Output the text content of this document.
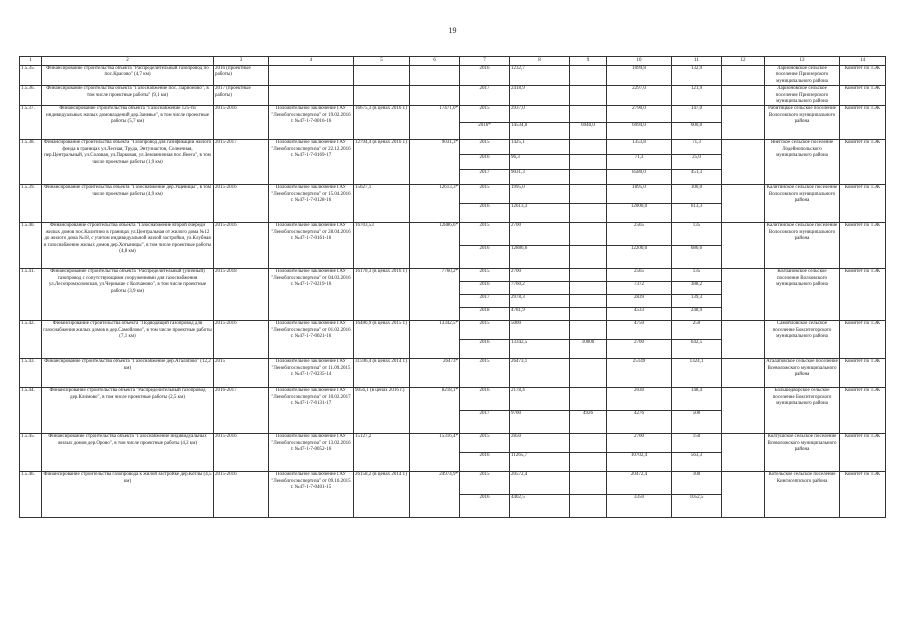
19
1	2	3	4	5	6	7	8	9	10	11	12	13	14
1.5.35.	Финансирование строительства объекта "Распределительный газопровод по пос.Красово" (4,7 км)	2016 (проектные работы)				2016	1232,7		1099,8	132,9		Ларионовское сельское поселение Приозерского муниципального района	Комитет по ТЭК
1.5.36.	Финансирование строительства объекта "Газоснабжение пос. Ларионово", в том числе проектные работы" (9,1 км)	2017 (проектные работы)				2017	2418,9		2297,0	121,9		Ларионовское сельское поселение Приозерского муниципального района	Комитет по ТЭК
1.5.37.	Финансирование строительства объекта "Газоснабжение 125-ти индивидуальных жилых домовладений дер.Заневье", в том числе проектные работы (5,7 км)	2015-2016	Положительное заключение ГАУ "Леноблгосэкспертиза" от 19.02.2016 г. №47-1-7-0016-16	16675,3 (в ценах 2016 г.)	17471,0*	2015	2937,0		2790,0	147,0		Рабитицкое сельское поселение Волосовского муниципального района	Комитет по ТЭК
						2016*	14534,0	6940,0	6994,0	600,0			
1.5.38.	Финансирование строительства объекта "Газопровод для газификации жилого фонда в границах ул.Лесная, Труда, Энтузиастов, Солнечная, пер.Центральный, ул.Соловая, ул.Парковая, ул.Земляничная пос.Янега", в том числе проектные работы (1,9 км)	2015-2017	Положительное заключение ГАУ "Леноблгосэкспертиза" от 22.12.2016 г. №47-1-7-0169-17	12794,4 (в ценах 2016 г.)	9031,3*	2015	1425,1		1353,8	71,3		Янегское сельское поселение Лодейнопольского муниципального района	Комитет по ТЭК
						2016	96,3		71,3	25,0			
						2017	9031,3		8580,0	451,3			
1.5.39.	Финансирование строительства объекта "Газоснабжение дер.Ущевицы", в том числе проектные работы (4,9 км)	2015-2016	Положительное заключение ГАУ "Леноблгосэкспертиза" от 15.04.2016 г. №47-1-7-0128-16	15627,1	12613,3*	2015	1995,0		1895,0	100,0		Калитинское сельское поселение Волосовского муниципального района	Комитет по ТЭК
						2016	12613,3		12000,0	613,3			
1.5.40.	Финансирование строительства объекта "Газоснабжение второй очереди жилых домов пос.Калитино в границах ул.Центральная от жилого дома №12 до жилого дома №18, с учетом индивидуальной жилой застройки, ул.Клубная и газоснабжение жилых домов дер.Хотыницы", в том числе проектные работы (4,8 км)	2015-2016	Положительное заключение ГАУ "Леноблгосэкспертиза" от 28.04.2016 г. №47-1-7-0161-16	16703,53	12886,6*	2015	2700		2565	135		Калитинское сельское поселение Волосовского муниципального района	Комитет по ТЭК
						2016	12886,6		12200,0	686,6			
1.5.41.	Финансирование строительства объекта "Распределительный (уличный) газопровод с сопутствующими сооружениями для газоснабжения ул.Лесопромхозовская, ул.Черныше с Колчаново", в том числе проектные работы (3,9 км)	2015-2018	Положительное заключение ГАУ "Леноблгосэкспертиза" от 04.03.2016 г. №47-1-7-0219-16	16170,3 (в ценах 2016 г.)	7760,2*	2015	2700		2565	135		Колчановское сельское поселение Волховского муниципального района	Комитет по ТЭК
						2016	7760,2		7372	388,2			
						2017	2978,3		2839	139,3			
						2018	4781,9		4533	248,9			
1.5.42.	Финансирование строительства объекта "Подводящий газопровод для газоснабжения жилых домов в дер.Самойлово", в том числе проектные работы (7,1 км)	2015-2016	Положительное заключение ГАУ "Леноблгосэкспертиза" от 01.02.2016 г. №47-1-7-0021-16	16486,9 (в ценах 2015 г.)	13342,5*	2015	5000		4750	250		Самойловское сельское поселение Бокситогорского муниципального района	Комитет по ТЭК
						2016	13342,5	10000	2700	642,5			
1.5.43.	Финансирование строительства объекта "Газоснабжение дер.Агалатово" (12,2 км)	2015	Положительное заключение ГАУ "Леноблгосэкспертиза" от 11.09.2015 г. №47-1-7-0235-14	31596,4 (в ценах 2014 г.)	26473*	2015	26473,1		25149	1324,1		Агалатовское сельское поселение Всеволожского муниципального района	Комитет по ТЭК
1.5.44.	Финансирование строительства объекта "Распределительный газопровод дер.Климово", в том числе проектные работы (2,5 км)	2016-2017	Положительное заключение ГАУ "Леноблгосэкспертиза" от 10.02.2017 г. №47-1-7-0131-17	9056,1 (в ценах 2016 г.)	8218,1*	2016	2178,4		2030	148,4		Большедворское сельское поселение Бокситогорского муниципального района	Комитет по ТЭК
						2017	9700	4926	4276	500			
1.5.45.	Финансирование строительства объекта "Газоснабжение индивидуальных жилых домов дер.Орово", в том числе проектные работы (4,2 км)	2015-2016	Положительное заключение ГАУ "Леноблгосэкспертиза" от 13.02.2016 г. №47-1-7-0052-16	15127,2	15316,4*	2015	2850		2700	150		Колтушское сельское поселение Всеволожского муниципального района	Комитет по ТЭК
						2016	11265,7		10702,4	563,3			
1.5.46.	Финансирование строительства газопровода к жилой застройке дер.Котлы (4,5 км)	2015-2016	Положительное заключение ГАУ "Леноблгосэкспертиза" от 09.10.2015 г. №47-1-7-0401-15	26158,2 (в ценах 2014 г.)	24974,9*	2015	20572,4		20472,4	100		Котельское сельское поселение Кингисеппского района	Комитет по ТЭК
						2016	4402,5		3350	1052,5			
